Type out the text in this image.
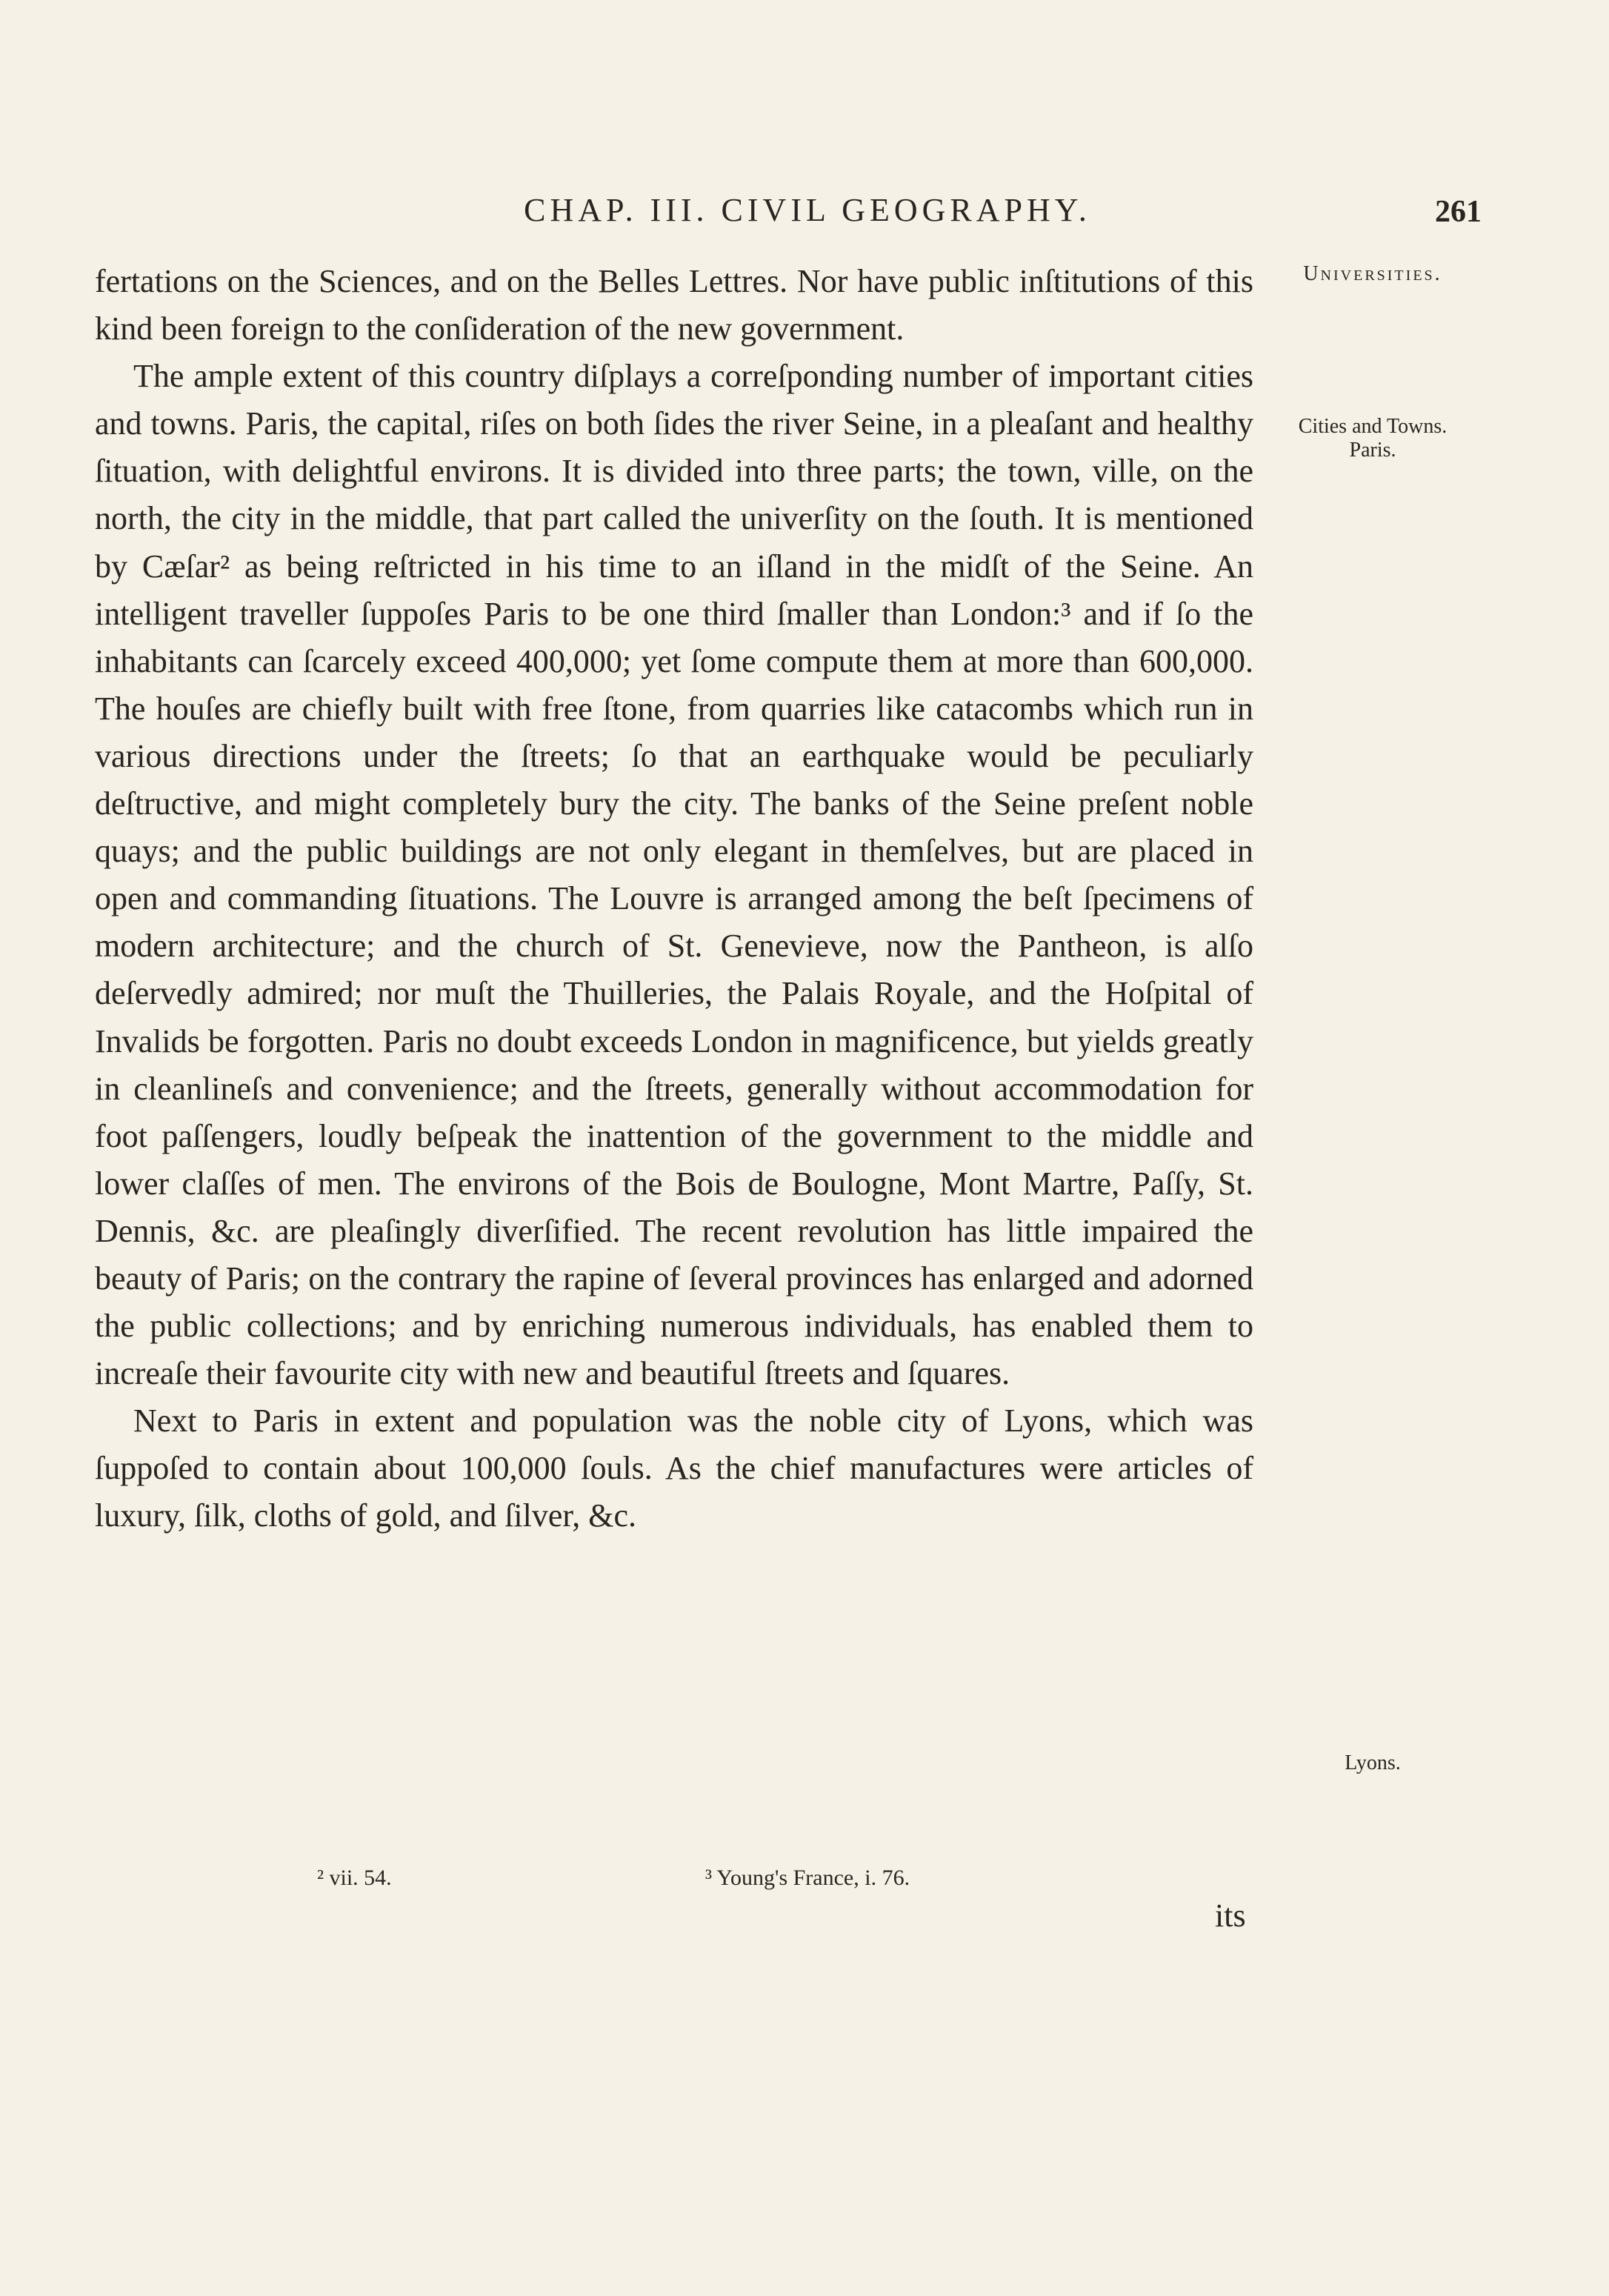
CHAP. III. CIVIL GEOGRAPHY.	261

fertations on the Sciences, and on the Belles Lettres. Nor have public inſtitutions of this kind been foreign to the conſideration of the new government.

The ample extent of this country diſplays a correſponding number of important cities and towns. Paris, the capital, riſes on both ſides the river Seine, in a pleaſant and healthy ſituation, with delightful environs. It is divided into three parts; the town, ville, on the north, the city in the middle, that part called the univerſity on the ſouth. It is mentioned by Cæſar² as being reſtricted in his time to an iſland in the midſt of the Seine. An intelligent traveller ſuppoſes Paris to be one third ſmaller than London:³ and if ſo the inhabitants can ſcarcely exceed 400,000; yet ſome compute them at more than 600,000. The houſes are chiefly built with free ſtone, from quarries like catacombs which run in various directions under the ſtreets; ſo that an earthquake would be peculiarly deſtructive, and might completely bury the city. The banks of the Seine preſent noble quays; and the public buildings are not only elegant in themſelves, but are placed in open and commanding ſituations. The Louvre is arranged among the beſt ſpecimens of modern architecture; and the church of St. Genevieve, now the Pantheon, is alſo deſervedly admired; nor muſt the Thuilleries, the Palais Royale, and the Hoſpital of Invalids be forgotten. Paris no doubt exceeds London in magnificence, but yields greatly in cleanlineſs and convenience; and the ſtreets, generally without accommodation for foot paſſengers, loudly beſpeak the inattention of the government to the middle and lower claſſes of men. The environs of the Bois de Boulogne, Mont Martre, Paſſy, St. Dennis, &c. are pleaſingly diverſified. The recent revolution has little impaired the beauty of Paris; on the contrary the rapine of ſeveral provinces has enlarged and adorned the public collections; and by enriching numerous individuals, has enabled them to increaſe their favourite city with new and beautiful ſtreets and ſquares.

Next to Paris in extent and population was the noble city of Lyons, which was ſuppoſed to contain about 100,000 ſouls. As the chief manufactures were articles of luxury, ſilk, cloths of gold, and ſilver, &c.

Universities.
Cities and Towns. Paris.
Lyons.
² vii. 54.	³ Young's France, i. 76.
its
